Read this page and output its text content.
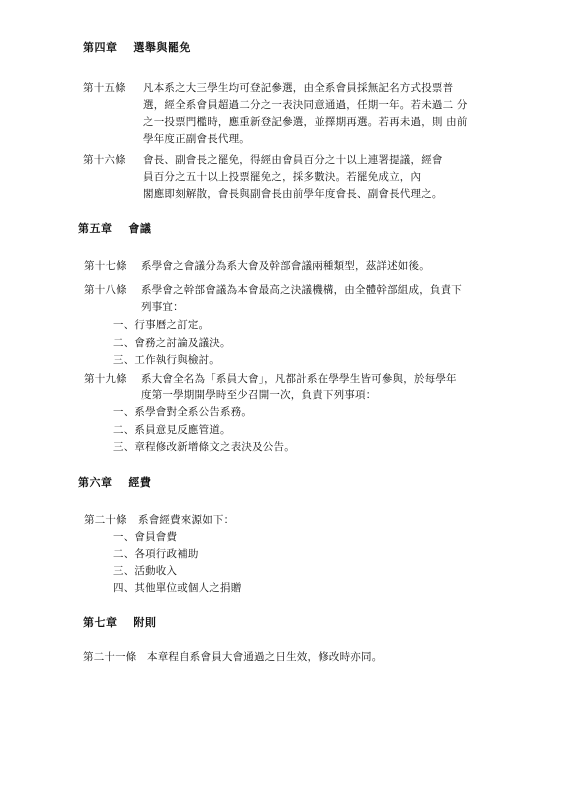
第四章　 選舉與罷免
第十五條 凡本系之大三學生均可登記參選，由全系會員採無記名方式投票普
選，經全系會員超過二分之一表決同意通過，任期一年。若未過二 分
之一投票門檻時，應重新登記參選，並擇期再選。若再未過，則 由前
學年度正副會長代理。
第十六條 會長、副會長之罷免，得經由會員百分之十以上連署提議，經會
員百分之五十以上投票罷免之，採多數決。若罷免成立，內
閣應即刻解散，會長與副會長由前學年度會長、副會長代理之。
第五章　 會議
第十七條 系學會之會議分為系大會及幹部會議兩種類型，茲詳述如後。
第十八條 系學會之幹部會議為本會最高之決議機構，由全體幹部組成，負責下
列事宜：
一、行事曆之訂定。
二、會務之討論及議決。
三、工作執行與檢討。
第十九條 系大會全名為「系員大會」，凡都計系在學學生皆可參與，於每學年
度第一學期開學時至少召開一次，負責下列事項：
一、系學會對全系公告系務。
二、系員意見反應管道。
三、章程修改新增條文之表決及公告。
第六章　 經費
第二十條 系會經費來源如下：
一、會員會費
二、各項行政補助
三、活動收入
四、其他單位或個人之捐贈
第七章　 附則
第二十一條 本章程自系會員大會通過之日生效，修改時亦同。
